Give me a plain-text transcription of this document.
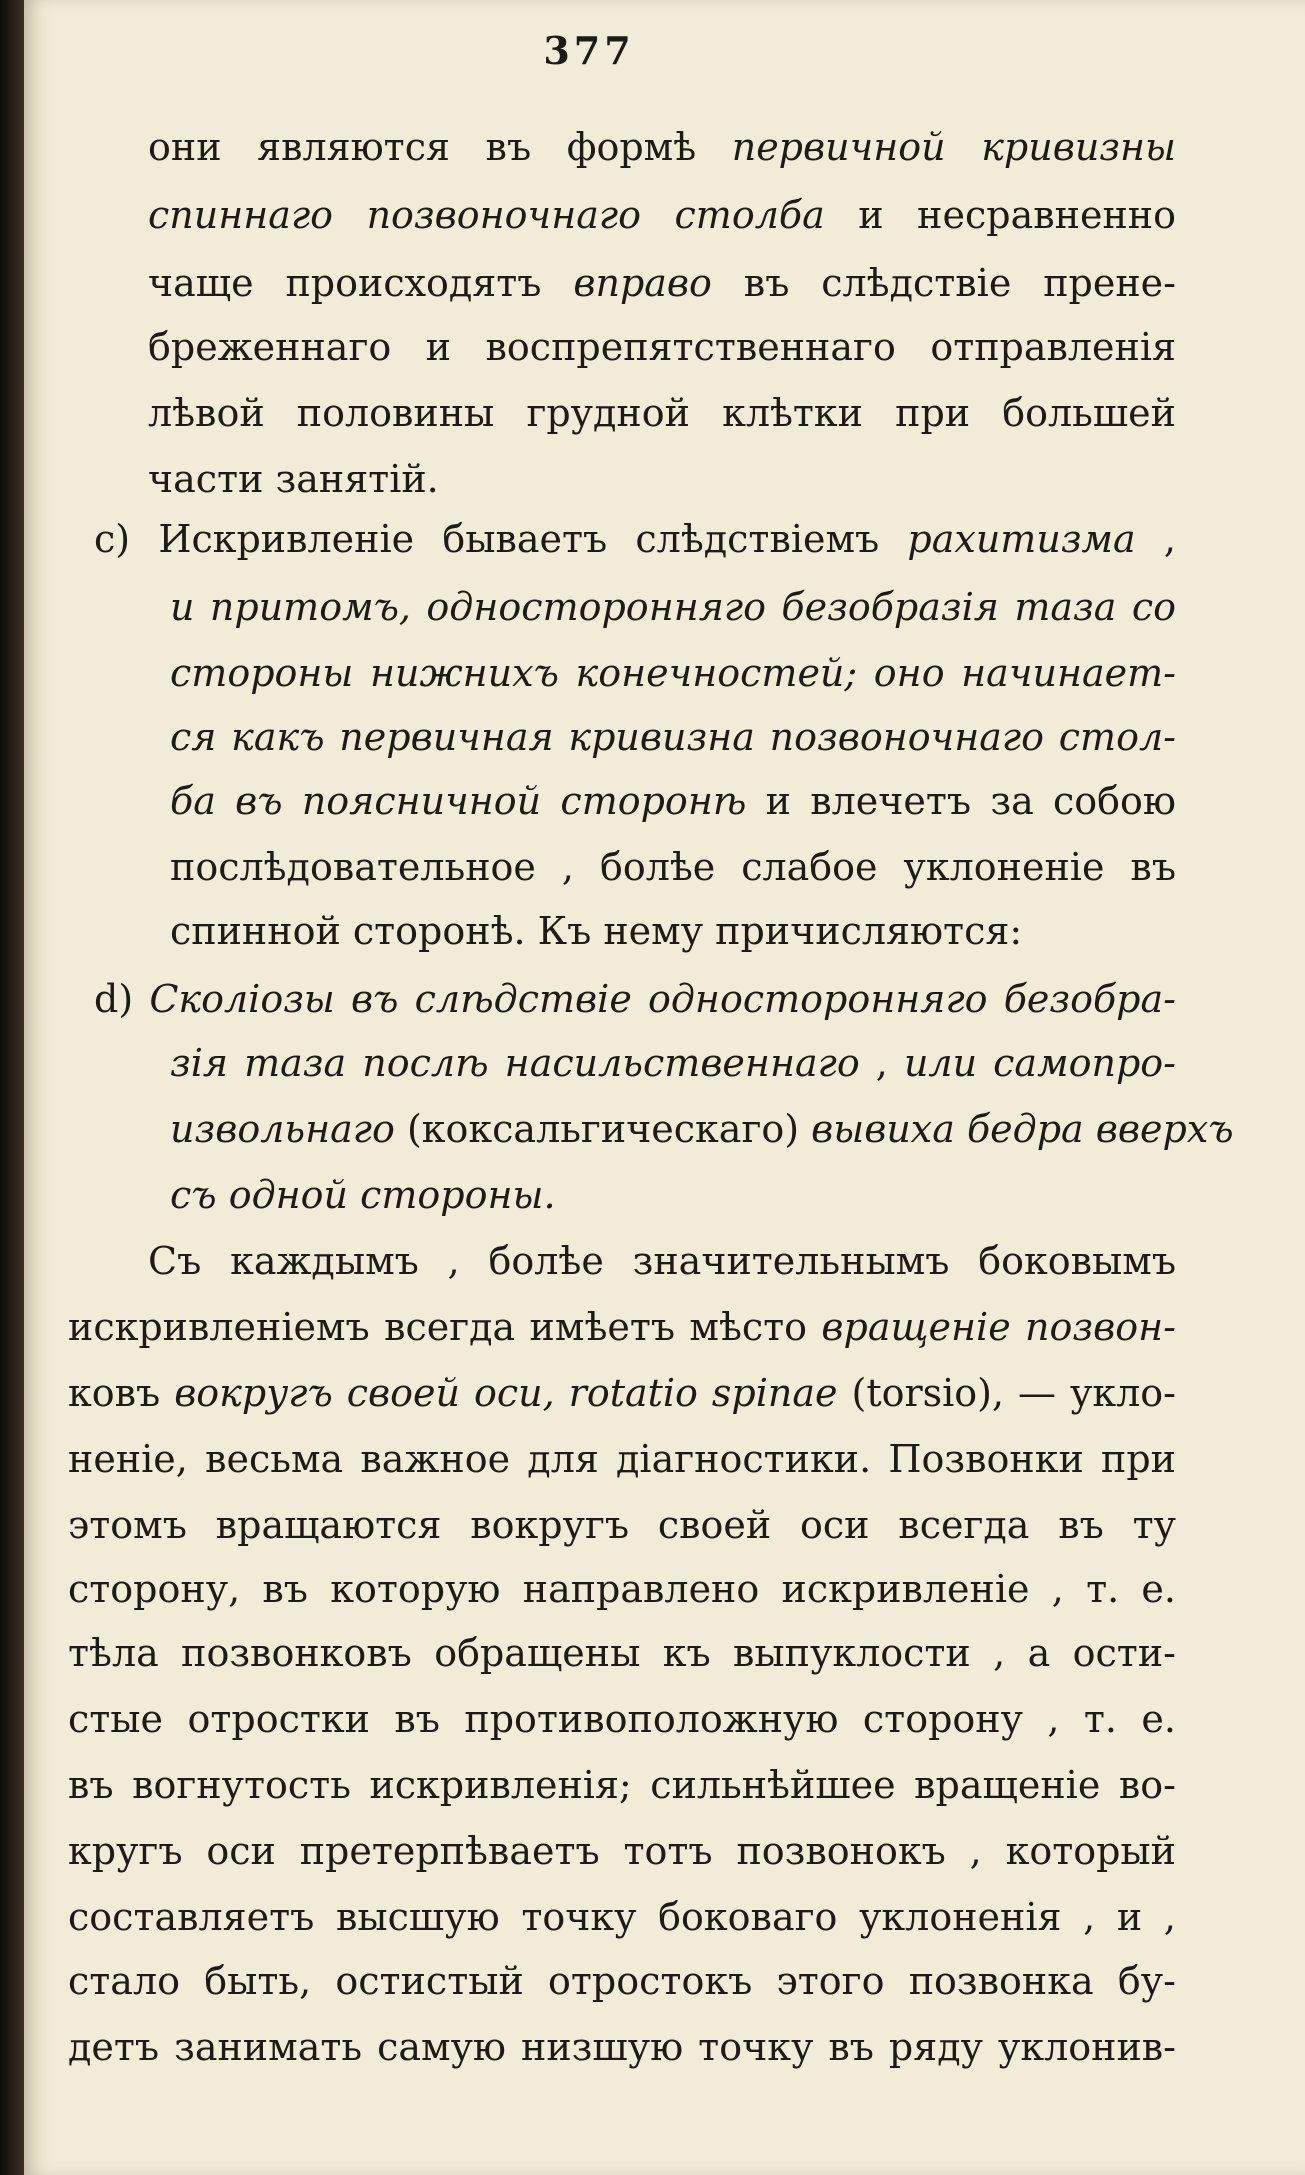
377
они являются въ формѣ первичной кривизны
спиннаго позвоночнаго столба и несравненно
чаще происходятъ вправо въ слѣдствіе прене-
бреженнаго и воспрепятственнаго отправленія
лѣвой половины грудной клѣтки при большей
части занятій.
c) Искривленіе бываетъ слѣдствіемъ рахитизма ,
и притомъ, односторонняго безобразія таза со
стороны нижнихъ конечностей; оно начинает-
ся какъ первичная кривизна позвоночнаго стол-
ба въ поясничной сторонѣ и влечетъ за собою
послѣдовательное , болѣе слабое уклоненіе въ
спинной сторонѣ. Къ нему причисляются:
d) Сколіозы въ слѣдствіе односторонняго безобра-
зія таза послѣ насильственнаго , или самопро-
извольнаго (коксальгическаго) вывиха бедра вверхъ
съ одной стороны.
Съ каждымъ , болѣе значительнымъ боковымъ
искривленіемъ всегда имѣетъ мѣсто вращеніе позвон-
ковъ вокругъ своей оси, rotatio spinae (torsio), — укло-
неніе, весьма важное для діагностики. Позвонки при
этомъ вращаются вокругъ своей оси всегда въ ту
сторону, въ которую направлено искривленіе , т. е.
тѣла позвонковъ обращены къ выпуклости , а ости-
стые отростки въ противоположную сторону , т. е.
въ вогнутость искривленія; сильнѣйшее вращеніе во-
кругъ оси претерпѣваетъ тотъ позвонокъ , который
составляетъ высшую точку боковаго уклоненія , и ,
стало быть, остистый отростокъ этого позвонка бу-
детъ занимать самую низшую точку въ ряду уклонив-
